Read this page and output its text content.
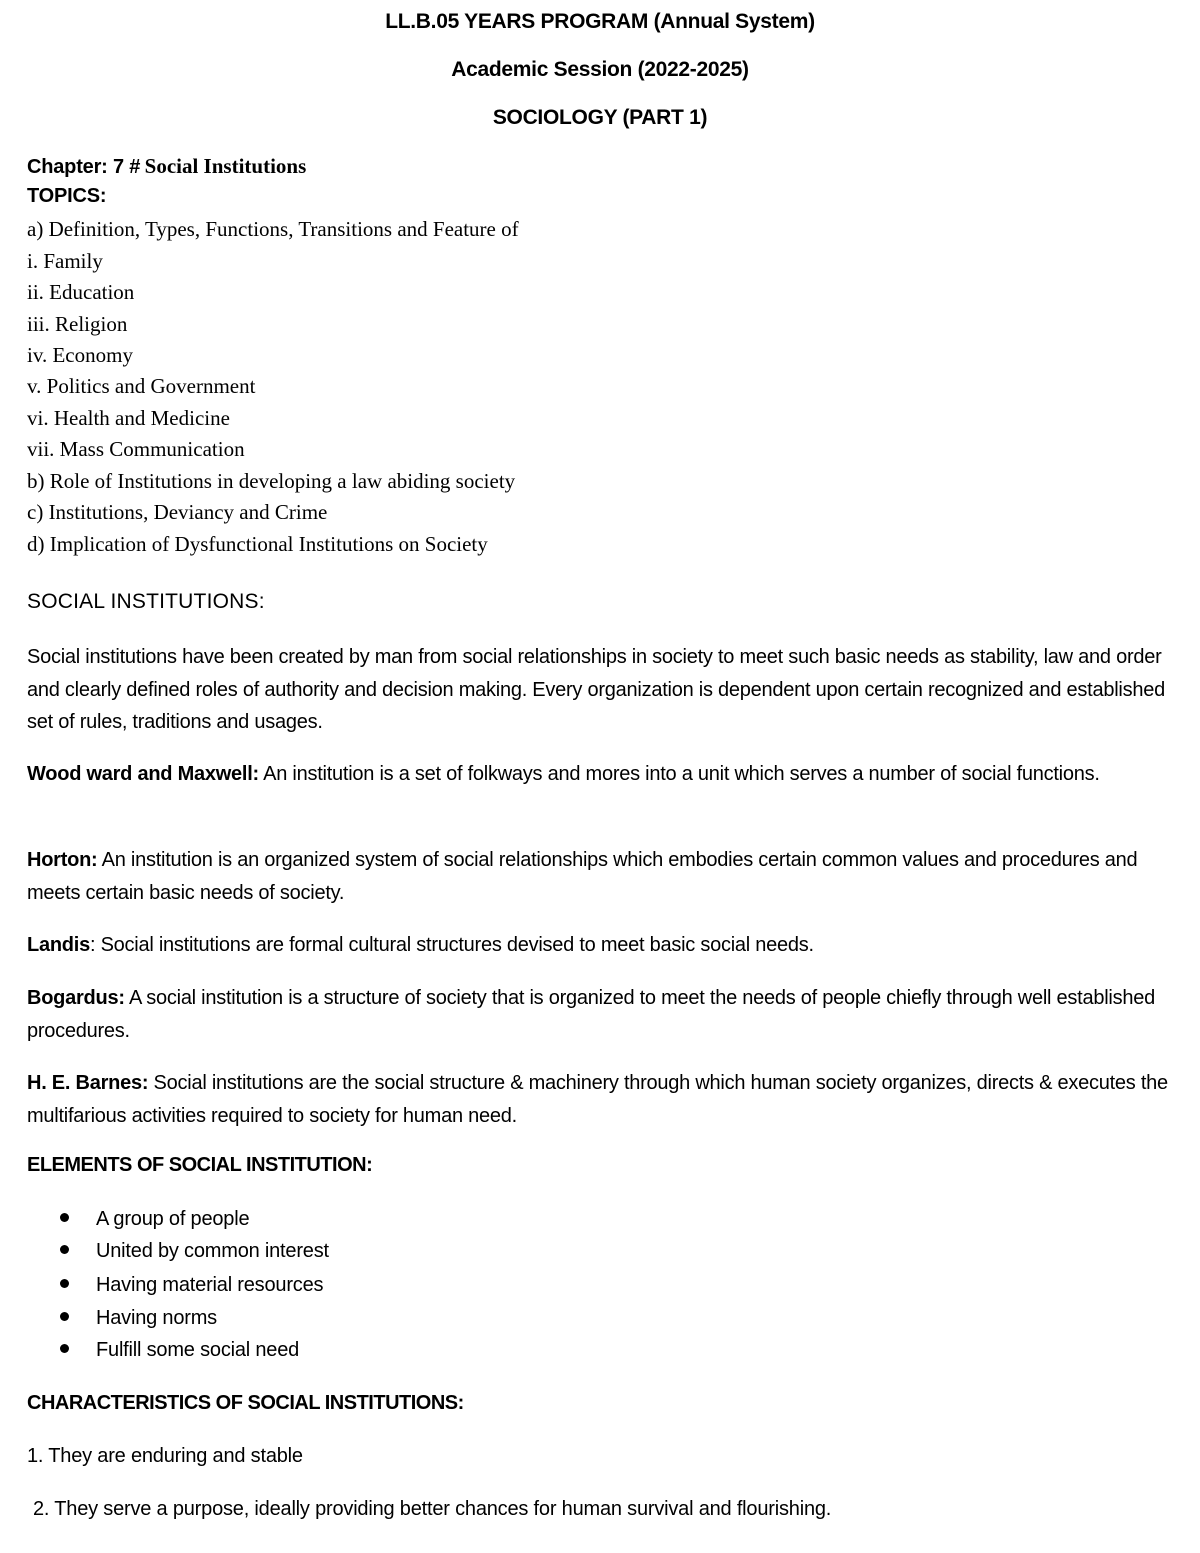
LL.B.05 YEARS PROGRAM (Annual System)
Academic Session (2022-2025)
SOCIOLOGY (PART 1)
Chapter: 7 # Social Institutions
TOPICS:
a) Definition, Types, Functions, Transitions and Feature of
i. Family
ii. Education
iii. Religion
iv. Economy
v. Politics and Government
vi. Health and Medicine
vii. Mass Communication
b) Role of Institutions in developing a law abiding society
c) Institutions, Deviancy and Crime
d) Implication of Dysfunctional Institutions on Society
SOCIAL INSTITUTIONS:
Social institutions have been created by man from social relationships in society to meet such basic needs as stability, law and order and clearly defined roles of authority and decision making. Every organization is dependent upon certain recognized and established set of rules, traditions and usages.
Wood ward and Maxwell: An institution is a set of folkways and mores into a unit which serves a number of social functions.
Horton: An institution is an organized system of social relationships which embodies certain common values and procedures and meets certain basic needs of society.
Landis: Social institutions are formal cultural structures devised to meet basic social needs.
Bogardus: A social institution is a structure of society that is organized to meet the needs of people chiefly through well established procedures.
H. E. Barnes: Social institutions are the social structure & machinery through which human society organizes, directs & executes the multifarious activities required to society for human need.
ELEMENTS OF SOCIAL INSTITUTION:
A group of people
United by common interest
Having material resources
Having norms
Fulfill some social need
CHARACTERISTICS OF SOCIAL INSTITUTIONS:
1. They are enduring and stable
2. They serve a purpose, ideally providing better chances for human survival and flourishing.
